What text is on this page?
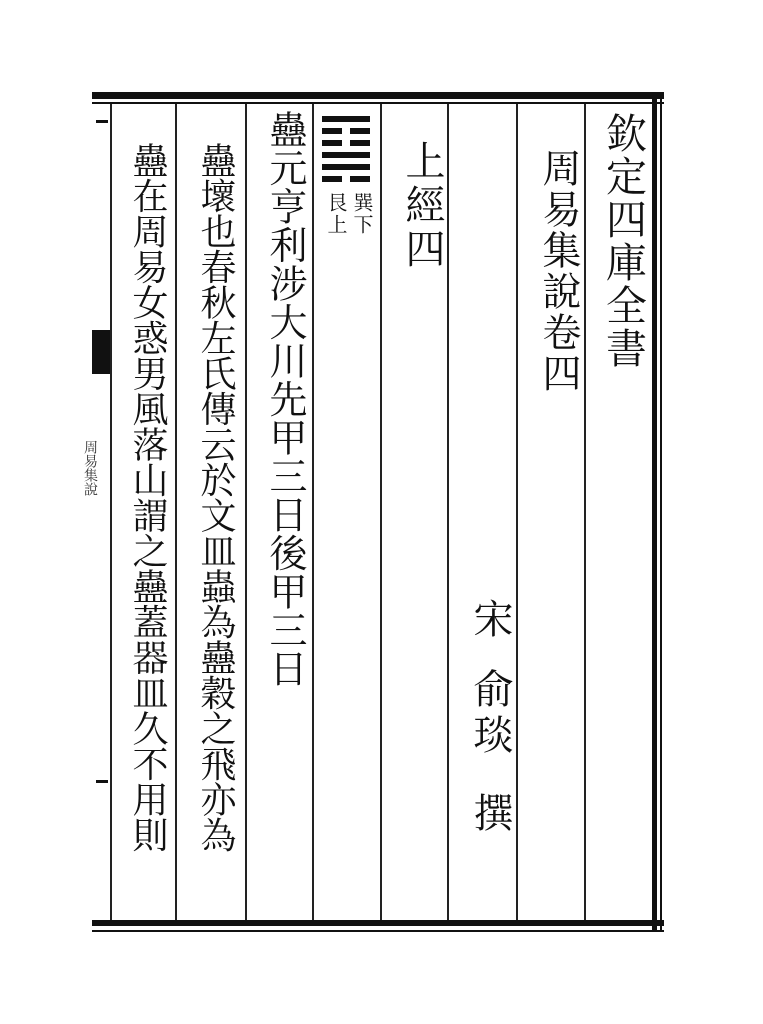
周易集說
欽定四庫全書
周易集說卷四
宋
俞琰
撰
上經四
巽下
艮上
蠱元亨利涉大川先甲三日後甲三日
蠱壞也春秋左氏傳云於文皿蟲為蠱穀之飛亦為
蠱在周易女惑男風落山謂之蠱蓋器皿久不用則
